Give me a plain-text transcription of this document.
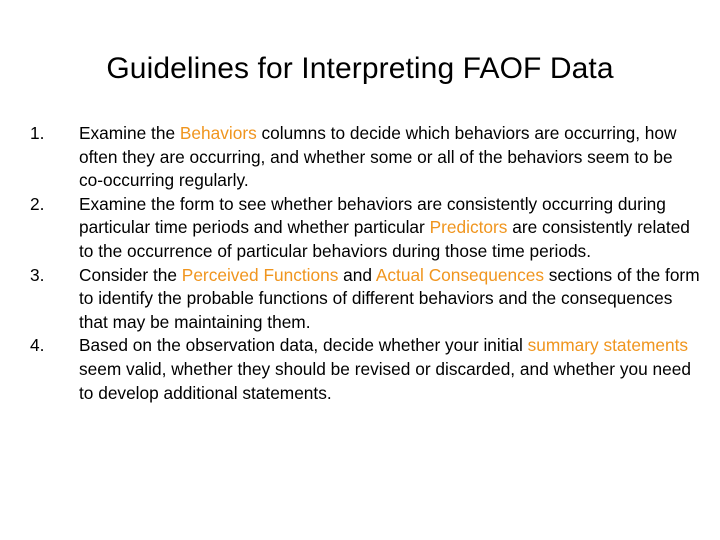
Guidelines for Interpreting FAOF Data
1. Examine the Behaviors columns to decide which behaviors are occurring, how often they are occurring, and whether some or all of the behaviors seem to be co-occurring regularly.
2. Examine the form to see whether behaviors are consistently occurring during particular time periods and whether particular Predictors are consistently related to the occurrence of particular behaviors during those time periods.
3. Consider the Perceived Functions and Actual Consequences sections of the form to identify the probable functions of different behaviors and the consequences that may be maintaining them.
4. Based on the observation data, decide whether your initial summary statements seem valid, whether they should be revised or discarded, and whether you need to develop additional statements.
